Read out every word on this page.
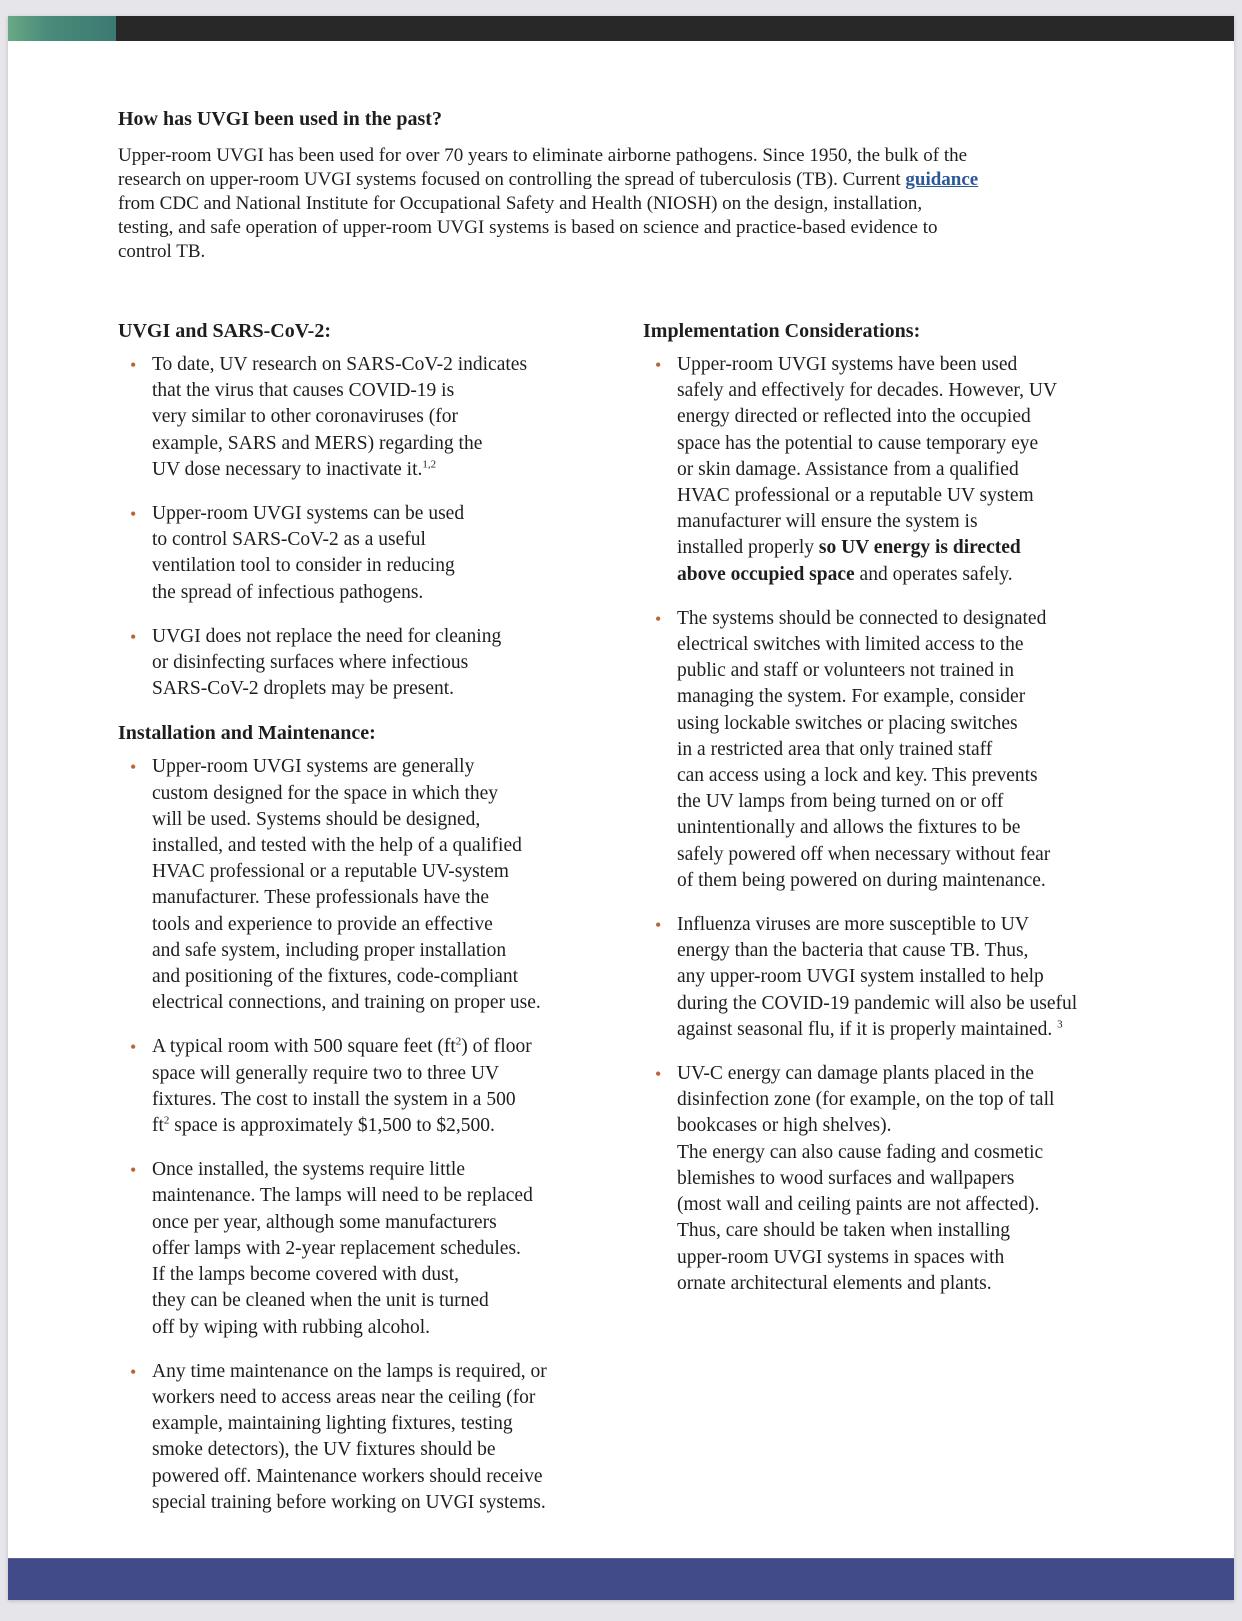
How has UVGI been used in the past?

Upper-room UVGI has been used for over 70 years to eliminate airborne pathogens. Since 1950, the bulk of the
research on upper-room UVGI systems focused on controlling the spread of tuberculosis (TB). Current guidance
from CDC and National Institute for Occupational Safety and Health (NIOSH) on the design, installation,
testing, and safe operation of upper-room UVGI systems is based on science and practice-based evidence to
control TB.

UVGI and SARS-CoV-2:
• To date, UV research on SARS-CoV-2 indicates
that the virus that causes COVID-19 is
very similar to other coronaviruses (for
example, SARS and MERS) regarding the
UV dose necessary to inactivate it.$^{1,2}$
• Upper-room UVGI systems can be used
to control SARS-CoV-2 as a useful
ventilation tool to consider in reducing
the spread of infectious pathogens.
• UVGI does not replace the need for cleaning
or disinfecting surfaces where infectious
SARS-CoV-2 droplets may be present.
Installation and Maintenance:
• Upper-room UVGI systems are generally
custom designed for the space in which they
will be used. Systems should be designed,
installed, and tested with the help of a qualified
HVAC professional or a reputable UV-system
manufacturer. These professionals have the
tools and experience to provide an effective
and safe system, including proper installation
and positioning of the fixtures, code-compliant
electrical connections, and training on proper use.
• A typical room with 500 square feet $(ft^2)$ of floor
space will generally require two to three UV
fixtures. The cost to install the system in a 500
$ft^2$ space is approximately $1,500 to $2,500.
• Once installed, the systems require little
maintenance. The lamps will need to be replaced
once per year, although some manufacturers
offer lamps with 2-year replacement schedules.
If the lamps become covered with dust,
they can be cleaned when the unit is turned
off by wiping with rubbing alcohol.
• Any time maintenance on the lamps is required, or
workers need to access areas near the ceiling (for
example, maintaining lighting fixtures, testing
smoke detectors), the UV fixtures should be
powered off. Maintenance workers should receive
special training before working on UVGI systems.
Implementation Considerations:
• Upper-room UVGI systems have been used
safely and effectively for decades. However, UV
energy directed or reflected into the occupied
space has the potential to cause temporary eye
or skin damage. Assistance from a qualified
HVAC professional or a reputable UV system
manufacturer will ensure the system is
installed properly so UV energy is directed
above occupied space and operates safely.
• The systems should be connected to designated
electrical switches with limited access to the
public and staff or volunteers not trained in
managing the system. For example, consider
using lockable switches or placing switches
in a restricted area that only trained staff
can access using a lock and key. This prevents
the UV lamps from being turned on or off
unintentionally and allows the fixtures to be
safely powered off when necessary without fear
of them being powered on during maintenance.
• Influenza viruses are more susceptible to UV
energy than the bacteria that cause TB. Thus,
any upper-room UVGI system installed to help
during the COVID-19 pandemic will also be useful
against seasonal flu, if it is properly maintained. $^3$
• UV-C energy can damage plants placed in the
disinfection zone (for example, on the top of tall
bookcases or high shelves).
The energy can also cause fading and cosmetic
blemishes to wood surfaces and wallpapers
(most wall and ceiling paints are not affected).
Thus, care should be taken when installing
upper-room UVGI systems in spaces with
ornate architectural elements and plants.
